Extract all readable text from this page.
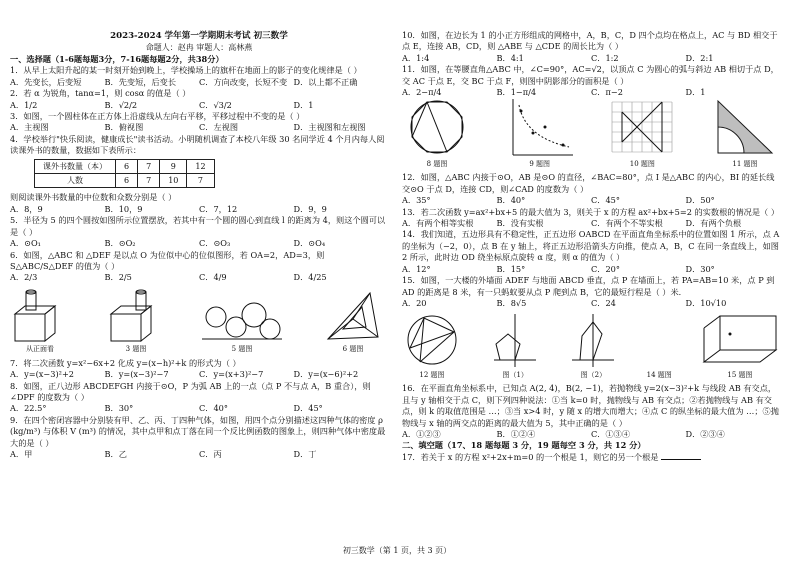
2023-2024 学年第一学期期末考试 初三数学
命题人：赵冉 审题人：高林燕
一、选择题（1-6题每题3分，7-16题每题2分，共38分）
1．从早上太阳升起的某一时刻开始到晚上，学校操场上的旗杆在地面上的影子的变化规律是（ ）
A．先变长，后变短	B．先变短，后变长	C．方向改变，长短不变 D．以上都不正确
2．若 α 为锐角，tanα=1，则 cosα 的值是（ ）
A．1/2	B．√2/2	C．√3/2	D．1
3．如图，一个圆柱体在正方体上沿虚线从左向右平移，平移过程中不变的是（ ）
A．主视图	B．俯视图	C．左视图	D．主视图和左视图
4．学校举行"快乐阅读，健康成长"读书活动。小明随机调查了本校八年级 30 名同学近 4 个月内每人阅读课外书的数量，数据如下表所示：
课外书数量（本）	6	7	9	12
人数	6	7	10	7
则阅读课外书数量的中位数和众数分别是（ ）
A．8，9	B．10，9	C．7，12	D．9，9
5．半径为 5 的四个圆按如图所示位置摆放，若其中有一个圆的圆心到直线 l 的距离为 4，则这个圆可以是（ ）
A．⊙O₁	B．⊙O₂	C．⊙O₃	D．⊙O₄
6．如图，△ABC 和 △DEF 是以点 O 为位似中心的位似图形，若 OA=2，AD=3，则 S△ABC/S△DEF 的值为（ ）
A．2/3	B．2/5	C．4/9	D．4/25
从正面看	3 题图	5 题图	6 题图
7．将二次函数 y=x²−6x+2 化成 y=(x−h)²+k 的形式为（ ）
A．y=(x−3)²+2	B．y=(x−3)²−7	C．y=(x+3)²−7	D．y=(x−6)²+2
8．如图，正八边形 ABCDEFGH 内接于⊙O，P 为弧 AB 上的一点（点 P 不与点 A，B 重合），则∠DPF 的度数为（ ）
A．22.5°	B．30°	C．40°	D．45°
9．在四个密闭容器中分别装有甲、乙、丙、丁四种气体，如图，用四个点分别描述这四种气体的密度 ρ (kg/m³) 与体积 V (m³) 的情况，其中点甲和点丁落在同一个反比例函数的图象上，则四种气体中密度最大的是（ ）
A．甲	B．乙	C．丙	D．丁
10．如图，在边长为 1 的小正方形组成的网格中，A，B，C，D 四个点均在格点上，AC 与 BD 相交于点 E，连接 AB，CD，则 △ABE 与 △CDE 的周长比为（ ）
A．1:4	B．4:1	C．1:2	D．2:1
11．如图，在等腰直角△ABC 中，∠C=90°，AC=√2，以顶点 C 为圆心的弧与斜边 AB 相切于点 D，交 AC 于点 E，交 BC 于点 F，则图中阴影部分的面积是（ ）
A．2−π/4	B．1−π/4	C．π−2	D．1
8 题图	9 题图	10 题图	11 题图
12．如图，△ABC 内接于⊙O，AB 是⊙O 的直径，∠BAC=80°，点 I 是△ABC 的内心，BI 的延长线交⊙O 于点 D，连接 CD，则∠CAD 的度数为（ ）
A．35°	B．40°	C．45°	D．50°
13．若二次函数 y=ax²+bx+5 的最大值为 3，则关于 x 的方程 ax²+bx+5=2 的实数根的情况是（ ）
A．有两个相等实根	B．没有实根	C．有两个不等实根	D．有两个负根
14．我们知道，五边形具有不稳定性，正五边形 OABCD 在平面直角坐标系中的位置如图 1 所示，点 A 的坐标为（−2，0），点 B 在 y 轴上，将正五边形沿箭头方向推，使点 A，B，C 在同一条直线上，如图 2 所示，此时边 OD 绕坐标原点旋转 α 度，则 α 的值为（ ）
A．12°	B．15°	C．20°	D．30°
15．如图，一大楼的外墙面 ADEF 与地面 ABCD 垂直，点 P 在墙面上，若 PA=AB=10 米，点 P 到 AD 的距离是 8 米，有一只蚂蚁要从点 P 爬到点 B，它的最短行程是（ ）米．
A．20	B．8√5	C．24	D．10√10
12 题图	图（1）	图（2）	14 题图	15 题图
16．在平面直角坐标系中，已知点 A(2, 4)，B(2, −1)，若抛物线 y=2(x−3)²+k 与线段 AB 有交点，且与 y 轴相交于点 C，则下列四种说法：①当 k=0 时，抛物线与 AB 有交点；②若抛物线与 AB 有交点，则 k 的取值范围是 …；③当 x>4 时，y 随 x 的增大而增大；④点 C 的纵坐标的最大值为 …；⑤抛物线与 x 轴的两交点的距离的最大值为 5，其中正确的是（ ）
A．①②③	B．①②④	C．①③④	D．②③④
二、填空题（17、18 题每题 3 分，19 题每空 3 分，共 12 分）
17．若关于 x 的方程 x²+2x+m=0 的一个根是 1，则它的另一个根是
初三数学（第 1 页，共 3 页）
